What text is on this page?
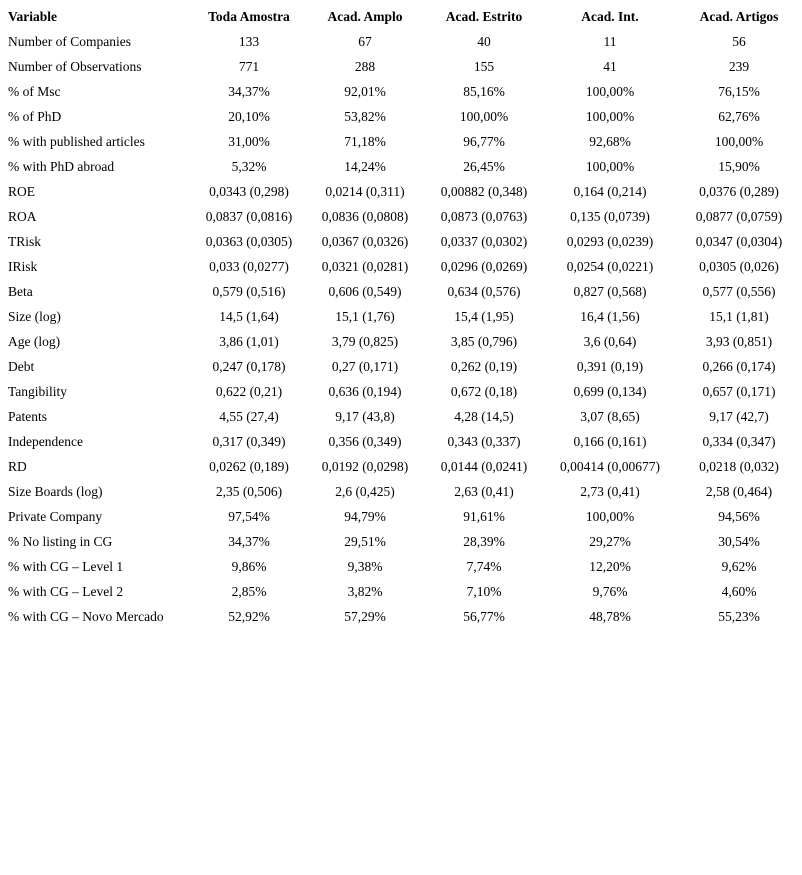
Variable	Toda Amostra	Acad. Amplo	Acad. Estrito	Acad. Int.	Acad. Artigos
Number of Companies	133	67	40	11	56
Number of Observations	771	288	155	41	239
% of Msc	34,37%	92,01%	85,16%	100,00%	76,15%
% of PhD	20,10%	53,82%	100,00%	100,00%	62,76%
% with published articles	31,00%	71,18%	96,77%	92,68%	100,00%
% with PhD abroad	5,32%	14,24%	26,45%	100,00%	15,90%
ROE	0,0343 (0,298)	0,0214 (0,311)	0,00882 (0,348)	0,164 (0,214)	0,0376 (0,289)
ROA	0,0837 (0,0816)	0,0836 (0,0808)	0,0873 (0,0763)	0,135 (0,0739)	0,0877 (0,0759)
TRisk	0,0363 (0,0305)	0,0367 (0,0326)	0,0337 (0,0302)	0,0293 (0,0239)	0,0347 (0,0304)
IRisk	0,033 (0,0277)	0,0321 (0,0281)	0,0296 (0,0269)	0,0254 (0,0221)	0,0305 (0,026)
Beta	0,579 (0,516)	0,606 (0,549)	0,634 (0,576)	0,827 (0,568)	0,577 (0,556)
Size (log)	14,5 (1,64)	15,1 (1,76)	15,4 (1,95)	16,4 (1,56)	15,1 (1,81)
Age (log)	3,86 (1,01)	3,79 (0,825)	3,85 (0,796)	3,6 (0,64)	3,93 (0,851)
Debt	0,247 (0,178)	0,27 (0,171)	0,262 (0,19)	0,391 (0,19)	0,266 (0,174)
Tangibility	0,622 (0,21)	0,636 (0,194)	0,672 (0,18)	0,699 (0,134)	0,657 (0,171)
Patents	4,55 (27,4)	9,17 (43,8)	4,28 (14,5)	3,07 (8,65)	9,17 (42,7)
Independence	0,317 (0,349)	0,356 (0,349)	0,343 (0,337)	0,166 (0,161)	0,334 (0,347)
RD	0,0262 (0,189)	0,0192 (0,0298)	0,0144 (0,0241)	0,00414 (0,00677)	0,0218 (0,032)
Size Boards (log)	2,35 (0,506)	2,6 (0,425)	2,63 (0,41)	2,73 (0,41)	2,58 (0,464)
Private Company	97,54%	94,79%	91,61%	100,00%	94,56%
% No listing in CG	34,37%	29,51%	28,39%	29,27%	30,54%
% with CG – Level 1	9,86%	9,38%	7,74%	12,20%	9,62%
% with CG – Level 2	2,85%	3,82%	7,10%	9,76%	4,60%
% with CG – Novo Mercado	52,92%	57,29%	56,77%	48,78%	55,23%
